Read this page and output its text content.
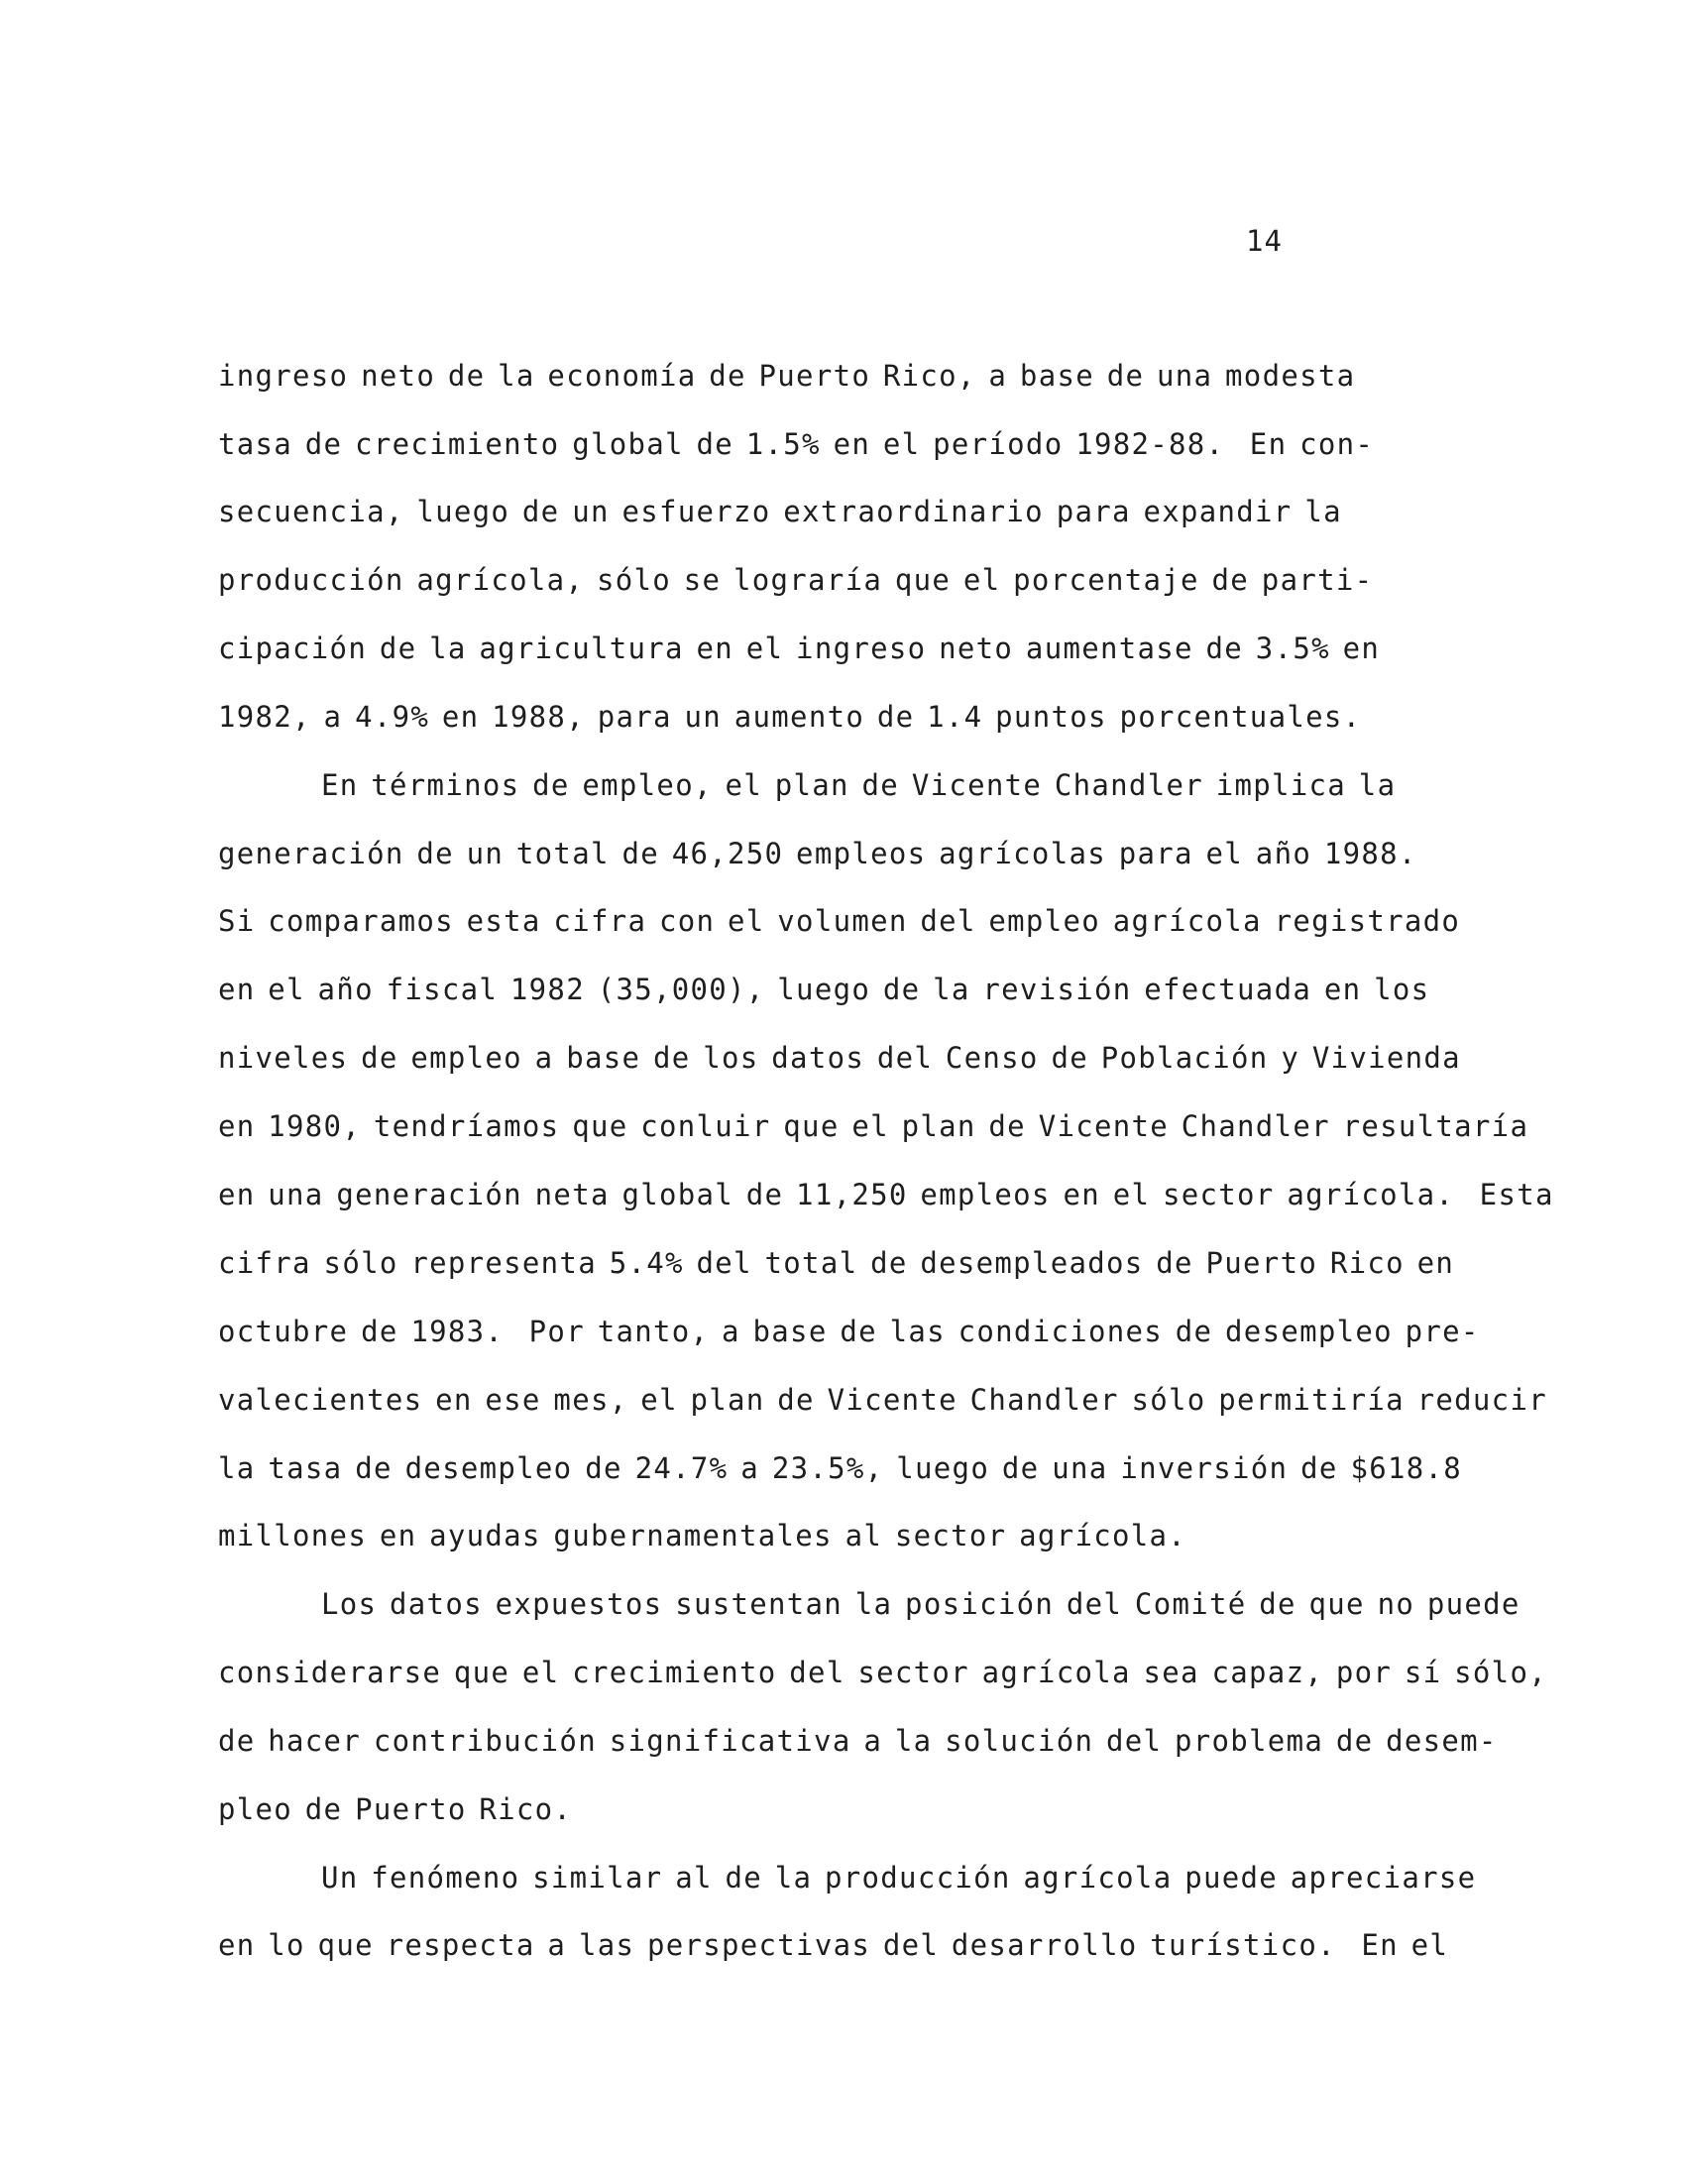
14
ingreso neto de la economía de Puerto Rico, a base de una modesta
tasa de crecimiento global de 1.5% en el período 1982-88.  En con-
secuencia, luego de un esfuerzo extraordinario para expandir la
producción agrícola, sólo se lograría que el porcentaje de parti-
cipación de la agricultura en el ingreso neto aumentase de 3.5% en
1982, a 4.9% en 1988, para un aumento de 1.4 puntos porcentuales.
En términos de empleo, el plan de Vicente Chandler implica la
generación de un total de 46,250 empleos agrícolas para el año 1988.
Si comparamos esta cifra con el volumen del empleo agrícola registrado
en el año fiscal 1982 (35,000), luego de la revisión efectuada en los
niveles de empleo a base de los datos del Censo de Población y Vivienda
en 1980, tendríamos que conluir que el plan de Vicente Chandler resultaría
en una generación neta global de 11,250 empleos en el sector agrícola.  Esta
cifra sólo representa 5.4% del total de desempleados de Puerto Rico en
octubre de 1983.  Por tanto, a base de las condiciones de desempleo pre-
valecientes en ese mes, el plan de Vicente Chandler sólo permitiría reducir
la tasa de desempleo de 24.7% a 23.5%, luego de una inversión de $618.8
millones en ayudas gubernamentales al sector agrícola.
Los datos expuestos sustentan la posición del Comité de que no puede
considerarse que el crecimiento del sector agrícola sea capaz, por sí sólo,
de hacer contribución significativa a la solución del problema de desem-
pleo de Puerto Rico.
Un fenómeno similar al de la producción agrícola puede apreciarse
en lo que respecta a las perspectivas del desarrollo turístico.  En el
